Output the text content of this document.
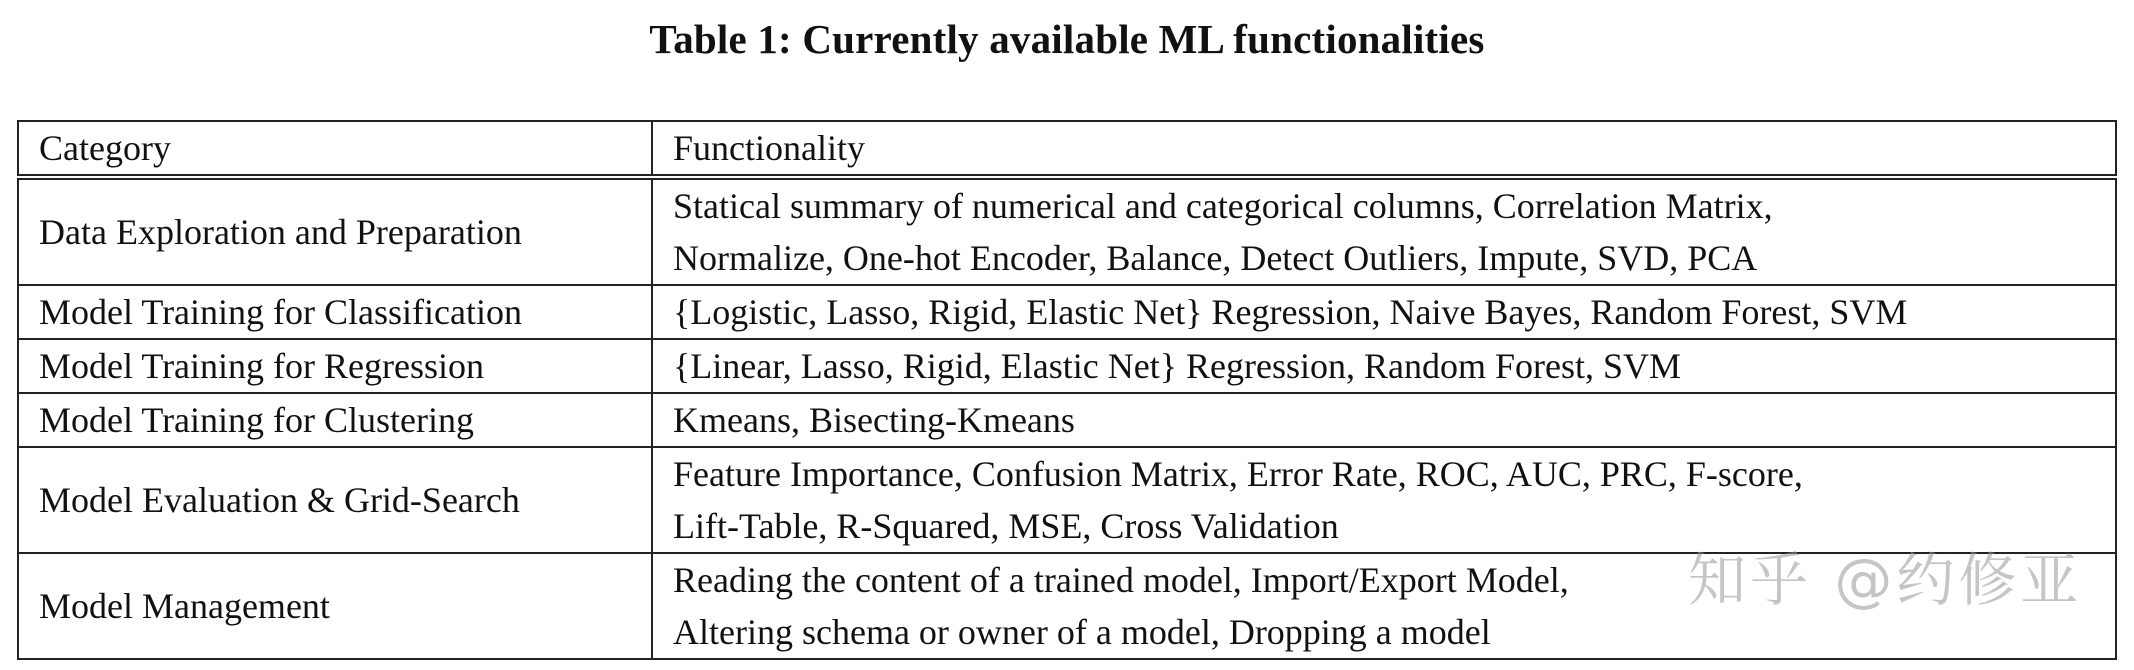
Table 1: Currently available ML functionalities
Category	Functionality
Data Exploration and Preparation	Statical summary of numerical and categorical columns, Correlation Matrix,
Normalize, One-hot Encoder, Balance, Detect Outliers, Impute, SVD, PCA

Model Training for Classification	{Logistic, Lasso, Rigid, Elastic Net} Regression, Naive Bayes, Random Forest, SVM

Model Training for Regression	{Linear, Lasso, Rigid, Elastic Net} Regression, Random Forest, SVM

Model Training for Clustering	Kmeans, Bisecting-Kmeans

Model Evaluation & Grid-Search	Feature Importance, Confusion Matrix, Error Rate, ROC, AUC, PRC, F-score,
Lift-Table, R-Squared, MSE, Cross Validation

Model Management	Reading the content of a trained model, Import/Export Model,
Altering schema or owner of a model, Dropping a model
知乎 @约修亚
